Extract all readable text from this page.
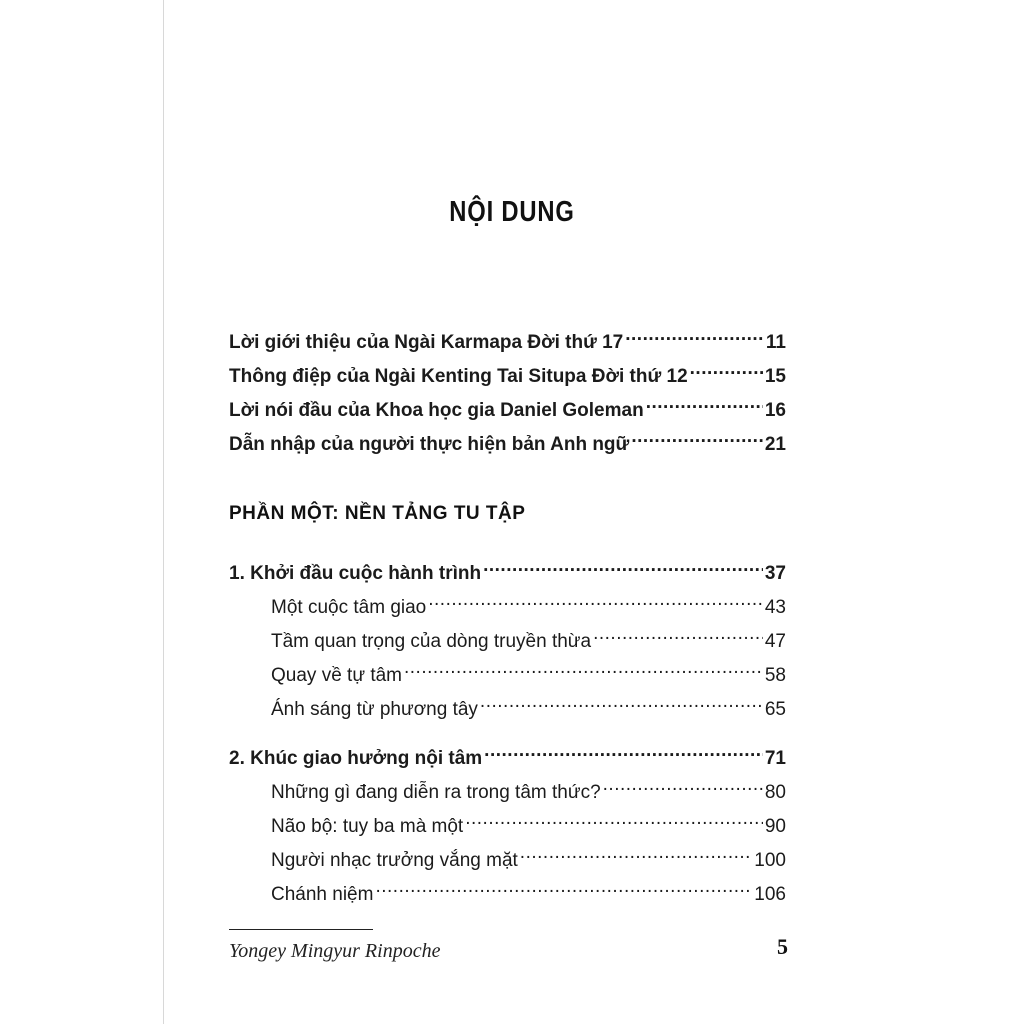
NỘI DUNG
Lời giới thiệu của Ngài Karmapa Đời thứ 17 .....	11
Thông điệp của Ngài Kenting Tai Situpa Đời thứ 12 .....	15
Lời nói đầu của Khoa học gia Daniel Goleman .....	16
Dẫn nhập của người thực hiện bản Anh ngữ .....	21
PHẦN MỘT: NỀN TẢNG TU TẬP
1. Khởi đầu cuộc hành trình .....	37
Một cuộc tâm giao .....	43
Tầm quan trọng của dòng truyền thừa .....	47
Quay về tự tâm .....	58
Ánh sáng từ phương tây .....	65
2. Khúc giao hưởng nội tâm .....	71
Những gì đang diễn ra trong tâm thức? .....	80
Não bộ: tuy ba mà một .....	90
Người nhạc trưởng vắng mặt .....	100
Chánh niệm .....	106
Yongey Mingyur Rinpoche	5
